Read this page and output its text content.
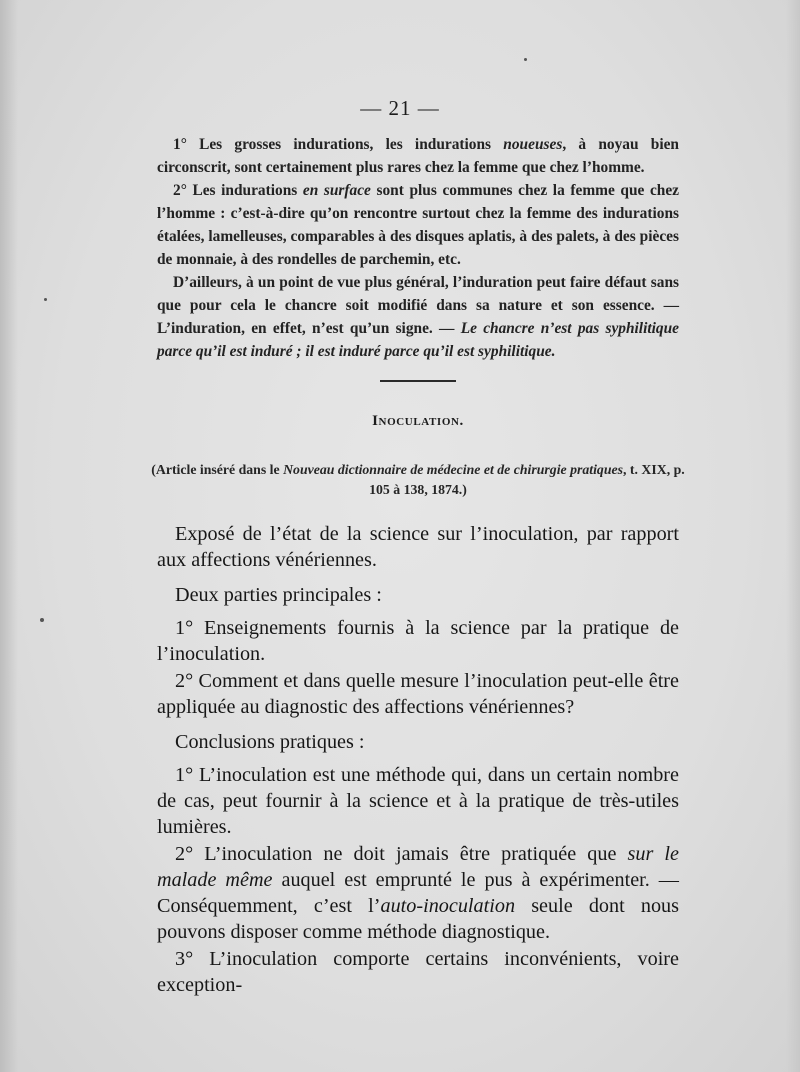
— 21 —

1° Les grosses indurations, les indurations noueuses, à noyau bien circonscrit, sont certainement plus rares chez la femme que chez l’homme.

2° Les indurations en surface sont plus communes chez la femme que chez l’homme : c’est-à-dire qu’on rencontre surtout chez la femme des indurations étalées, lamelleuses, comparables à des disques aplatis, à des palets, à des pièces de monnaie, à des rondelles de parchemin, etc.

D’ailleurs, à un point de vue plus général, l’induration peut faire défaut sans que pour cela le chancre soit modifié dans sa nature et son essence. — L’induration, en effet, n’est qu’un signe. — Le chancre n’est pas syphilitique parce qu’il est induré ; il est induré parce qu’il est syphilitique.

Inoculation.
(Article inséré dans le Nouveau dictionnaire de médecine et de chirurgie pratiques, t. XIX, p. 105 à 138, 1874.)

Exposé de l’état de la science sur l’inoculation, par rapport aux affections vénériennes.

Deux parties principales :

1° Enseignements fournis à la science par la pratique de l’inoculation.

2° Comment et dans quelle mesure l’inoculation peut-elle être appliquée au diagnostic des affections vénériennes?

Conclusions pratiques :

1° L’inoculation est une méthode qui, dans un certain nombre de cas, peut fournir à la science et à la pratique de très-utiles lumières.

2° L’inoculation ne doit jamais être pratiquée que sur le malade même auquel est emprunté le pus à expérimenter. — Conséquemment, c’est l’auto-inoculation seule dont nous pouvons disposer comme méthode diagnostique.

3° L’inoculation comporte certains inconvénients, voire exception-
